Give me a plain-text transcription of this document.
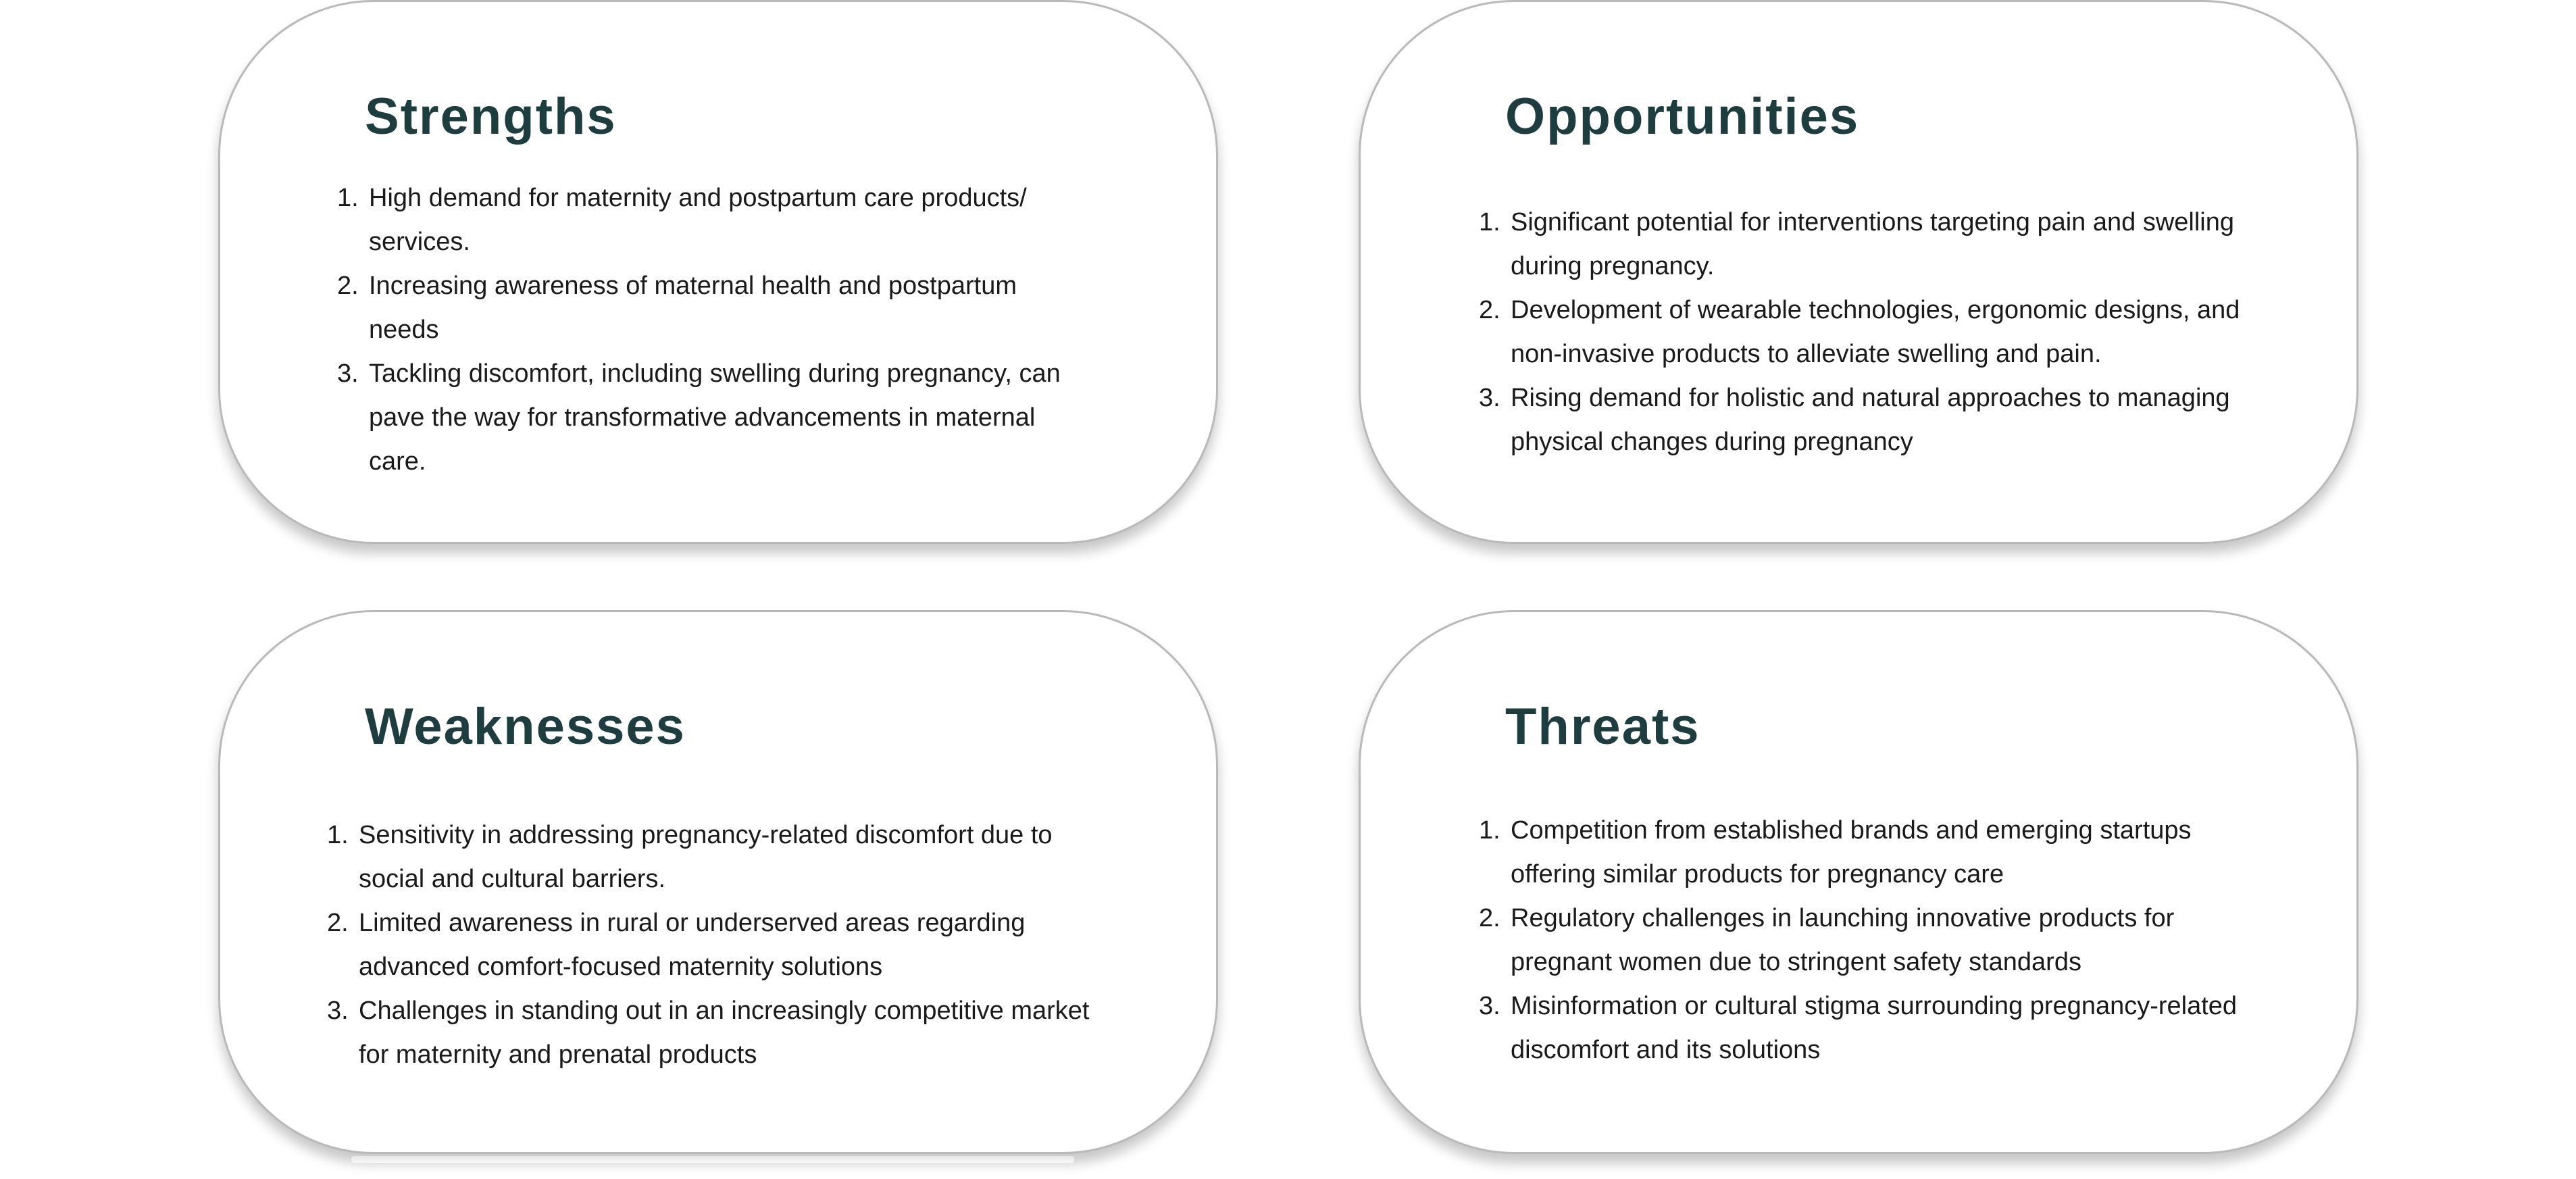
Strengths
1. High demand for maternity and postpartum care products/ services.
2. Increasing awareness of maternal health and postpartum needs
3. Tackling discomfort, including swelling during pregnancy, can pave the way for transformative advancements in maternal care.
Opportunities
1. Significant potential for interventions targeting pain and swelling during pregnancy.
2. Development of wearable technologies, ergonomic designs, and non-invasive products to alleviate swelling and pain.
3. Rising demand for holistic and natural approaches to managing physical changes during pregnancy
Weaknesses
1. Sensitivity in addressing pregnancy-related discomfort due to social and cultural barriers.
2. Limited awareness in rural or underserved areas regarding advanced comfort-focused maternity solutions
3. Challenges in standing out in an increasingly competitive market for maternity and prenatal products
Threats
1. Competition from established brands and emerging startups offering similar products for pregnancy care
2. Regulatory challenges in launching innovative products for pregnant women due to stringent safety standards
3. Misinformation or cultural stigma surrounding pregnancy-related discomfort and its solutions
